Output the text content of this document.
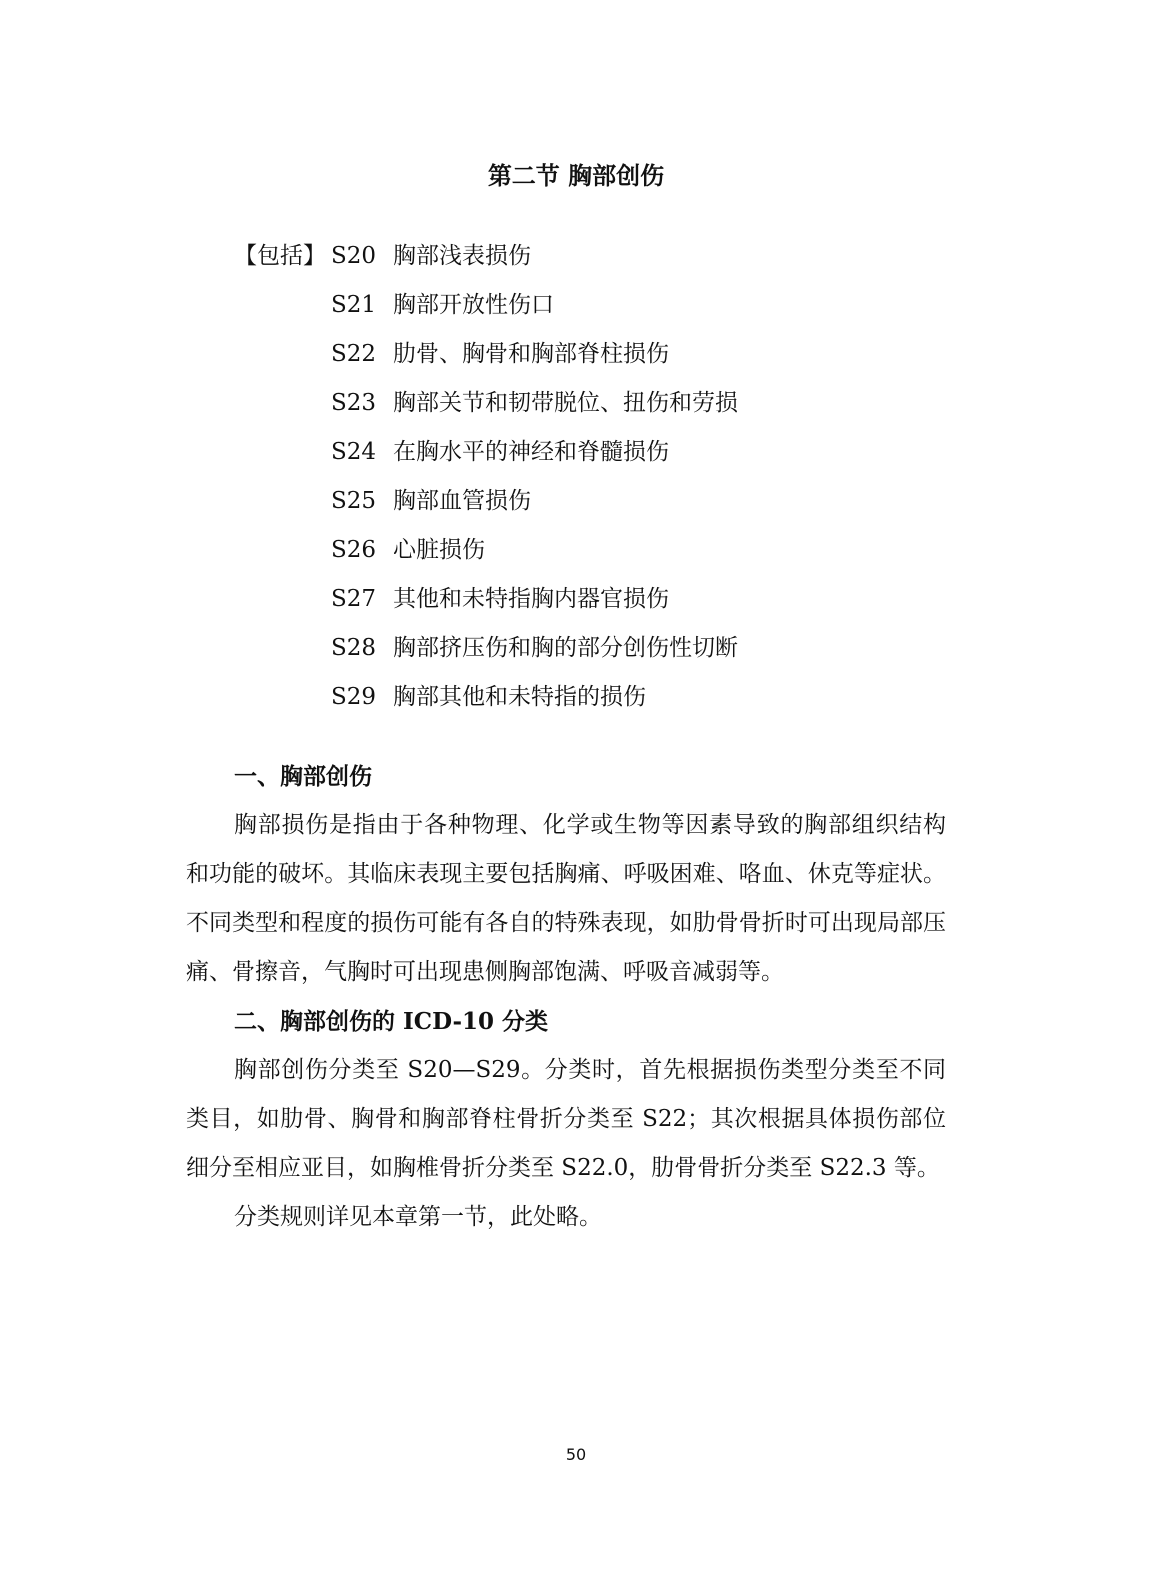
第二节 胸部创伤
【包括】 S20 胸部浅表损伤
S21 胸部开放性伤口
S22 肋骨、胸骨和胸部脊柱损伤
S23 胸部关节和韧带脱位、扭伤和劳损
S24 在胸水平的神经和脊髓损伤
S25 胸部血管损伤
S26 心脏损伤
S27 其他和未特指胸内器官损伤
S28 胸部挤压伤和胸的部分创伤性切断
S29 胸部其他和未特指的损伤
一、胸部创伤

胸部损伤是指由于各种物理、化学或生物等因素导致的胸部组织结构和功能的破坏。其临床表现主要包括胸痛、呼吸困难、咯血、休克等症状。不同类型和程度的损伤可能有各自的特殊表现，如肋骨骨折时可出现局部压痛、骨擦音，气胸时可出现患侧胸部饱满、呼吸音减弱等。

二、胸部创伤的 ICD-10 分类

胸部创伤分类至 S20—S29。分类时，首先根据损伤类型分类至不同类目，如肋骨、胸骨和胸部脊柱骨折分类至 S22；其次根据具体损伤部位细分至相应亚目，如胸椎骨折分类至 S22.0，肋骨骨折分类至 S22.3 等。

分类规则详见本章第一节，此处略。

50
